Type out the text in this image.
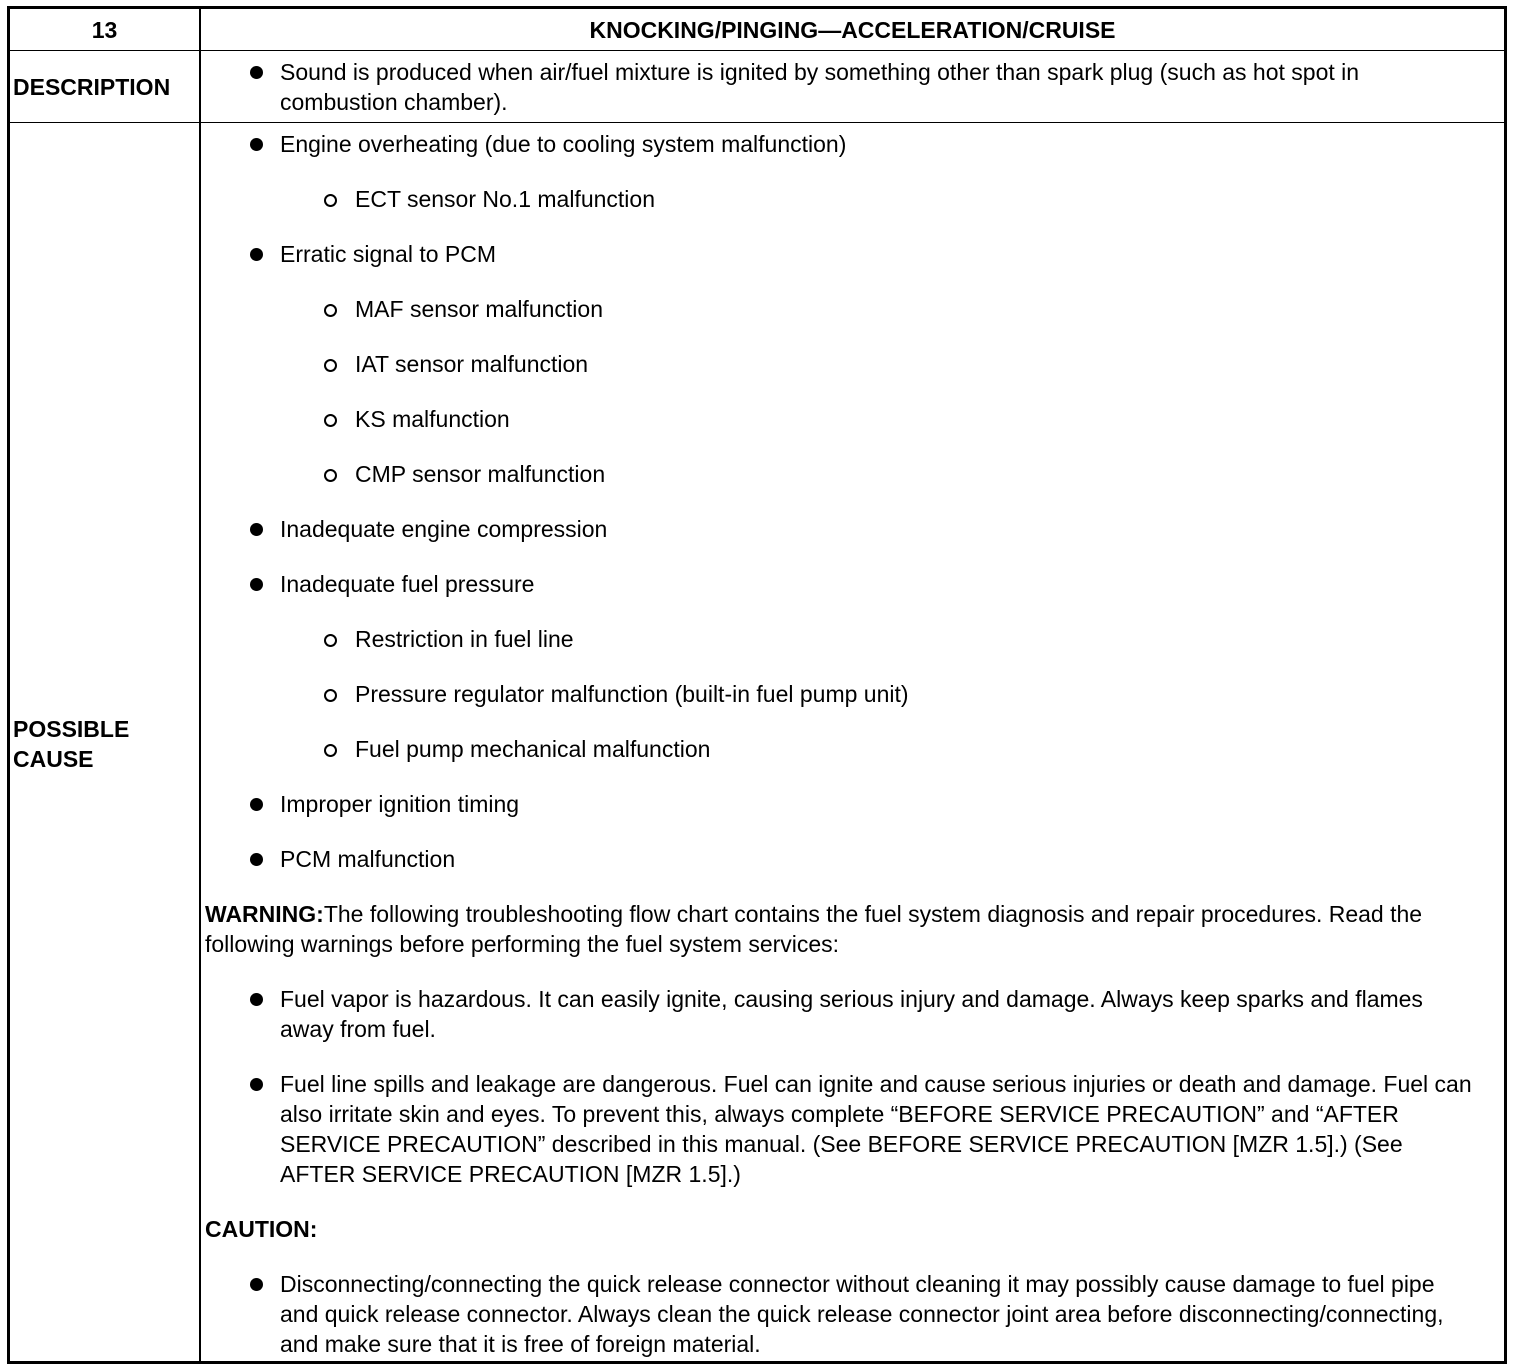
13	KNOCKING/PINGING—ACCELERATION/CRUISE
DESCRIPTION
Sound is produced when air/fuel mixture is ignited by something other than spark plug (such as hot spot in combustion chamber).
POSSIBLE
CAUSE
Engine overheating (due to cooling system malfunction)
ECT sensor No.1 malfunction
Erratic signal to PCM
MAF sensor malfunction
IAT sensor malfunction
KS malfunction
CMP sensor malfunction
Inadequate engine compression
Inadequate fuel pressure
Restriction in fuel line
Pressure regulator malfunction (built-in fuel pump unit)
Fuel pump mechanical malfunction
Improper ignition timing
PCM malfunction
WARNING:The following troubleshooting flow chart contains the fuel system diagnosis and repair procedures. Read the following warnings before performing the fuel system services:
Fuel vapor is hazardous. It can easily ignite, causing serious injury and damage. Always keep sparks and flames away from fuel.
Fuel line spills and leakage are dangerous. Fuel can ignite and cause serious injuries or death and damage. Fuel can also irritate skin and eyes. To prevent this, always complete “BEFORE SERVICE PRECAUTION” and “AFTER SERVICE PRECAUTION” described in this manual. (See BEFORE SERVICE PRECAUTION [MZR 1.5].) (See AFTER SERVICE PRECAUTION [MZR 1.5].)
CAUTION:
Disconnecting/connecting the quick release connector without cleaning it may possibly cause damage to fuel pipe and quick release connector. Always clean the quick release connector joint area before disconnecting/connecting, and make sure that it is free of foreign material.
